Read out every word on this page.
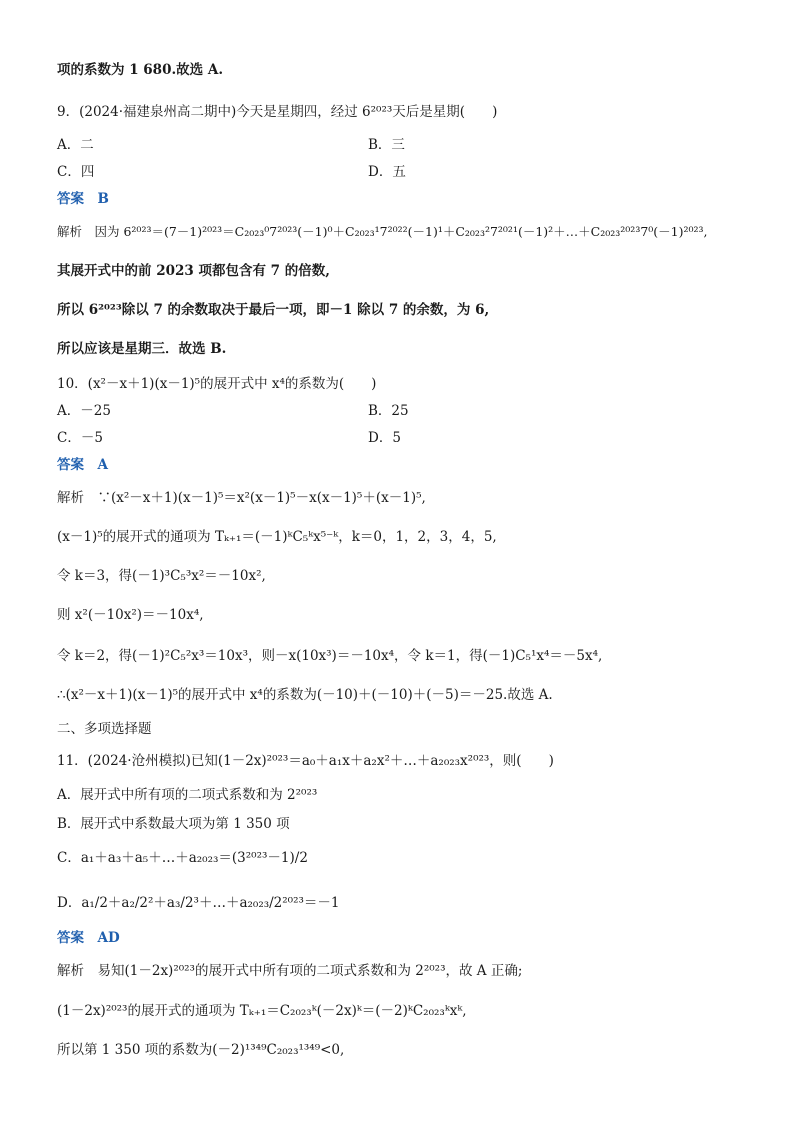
项的系数为 1 680.故选 A.
9．(2024·福建泉州高二期中)今天是星期四，经过 6²⁰²³天后是星期(　　)
A．二	B．三
C．四	D．五
答案　B
解析　因为 6²⁰²³＝(7－1)²⁰²³＝C₂₀₂₃⁰7²⁰²³(－1)⁰＋C₂₀₂₃¹7²⁰²²(－1)¹＋C₂₀₂₃²7²⁰²¹(－1)²＋…＋C₂₀₂₃²⁰²³7⁰(－1)²⁰²³,
其展开式中的前 2023 项都包含有 7 的倍数,
所以 6²⁰²³除以 7 的余数取决于最后一项，即－1 除以 7 的余数，为 6,
所以应该是星期三．故选 B.
10．(x²－x＋1)(x－1)⁵的展开式中 x⁴的系数为(　　)
A．－25	B．25
C．－5	D．5
答案　A
解析　∵(x²－x＋1)(x－1)⁵＝x²(x－1)⁵－x(x－1)⁵＋(x－1)⁵,
(x－1)⁵的展开式的通项为 Tₖ₊₁＝(－1)ᵏC₅ᵏx⁵⁻ᵏ，k＝0，1，2，3，4，5,
令 k＝3，得(－1)³C₅³x²＝－10x²,
则 x²(－10x²)＝－10x⁴,
令 k＝2，得(－1)²C₅²x³＝10x³，则－x(10x³)＝－10x⁴，令 k＝1，得(－1)C₅¹x⁴＝－5x⁴,
∴(x²－x＋1)(x－1)⁵的展开式中 x⁴的系数为(－10)＋(－10)＋(－5)＝－25.故选 A.
二、多项选择题
11．(2024·沧州模拟)已知(1－2x)²⁰²³＝a₀＋a₁x＋a₂x²＋…＋a₂₀₂₃x²⁰²³，则(　　)
A．展开式中所有项的二项式系数和为 2²⁰²³
B．展开式中系数最大项为第 1 350 项
C．a₁＋a₃＋a₅＋…＋a₂₀₂₃＝(3²⁰²³－1)/2
D．a₁/2＋a₂/2²＋a₃/2³＋…＋a₂₀₂₃/2²⁰²³＝－1
答案　AD
解析　易知(1－2x)²⁰²³的展开式中所有项的二项式系数和为 2²⁰²³，故 A 正确;
(1－2x)²⁰²³的展开式的通项为 Tₖ₊₁＝C₂₀₂₃ᵏ(－2x)ᵏ＝(－2)ᵏC₂₀₂₃ᵏxᵏ,
所以第 1 350 项的系数为(－2)¹³⁴⁹C₂₀₂₃¹³⁴⁹<0,
